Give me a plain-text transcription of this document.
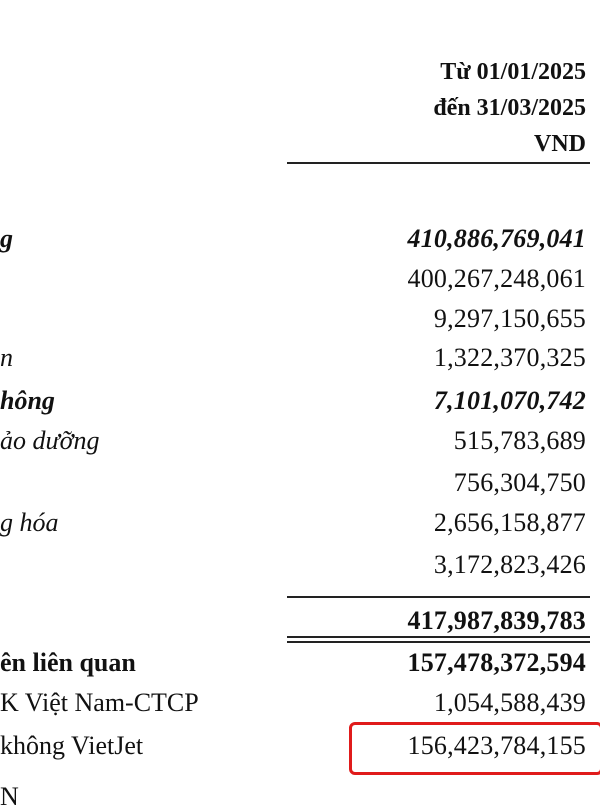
Từ 01/01/2025
đến 31/03/2025
VND
g	410,886,769,041
400,267,248,061
9,297,150,655
n	1,322,370,325
hông	7,101,070,742
ảo dưỡng	515,783,689
756,304,750
g hóa	2,656,158,877
3,172,823,426
417,987,839,783
ên liên quan	157,478,372,594
K Việt Nam-CTCP	1,054,588,439
không VietJet	156,423,784,155
N
